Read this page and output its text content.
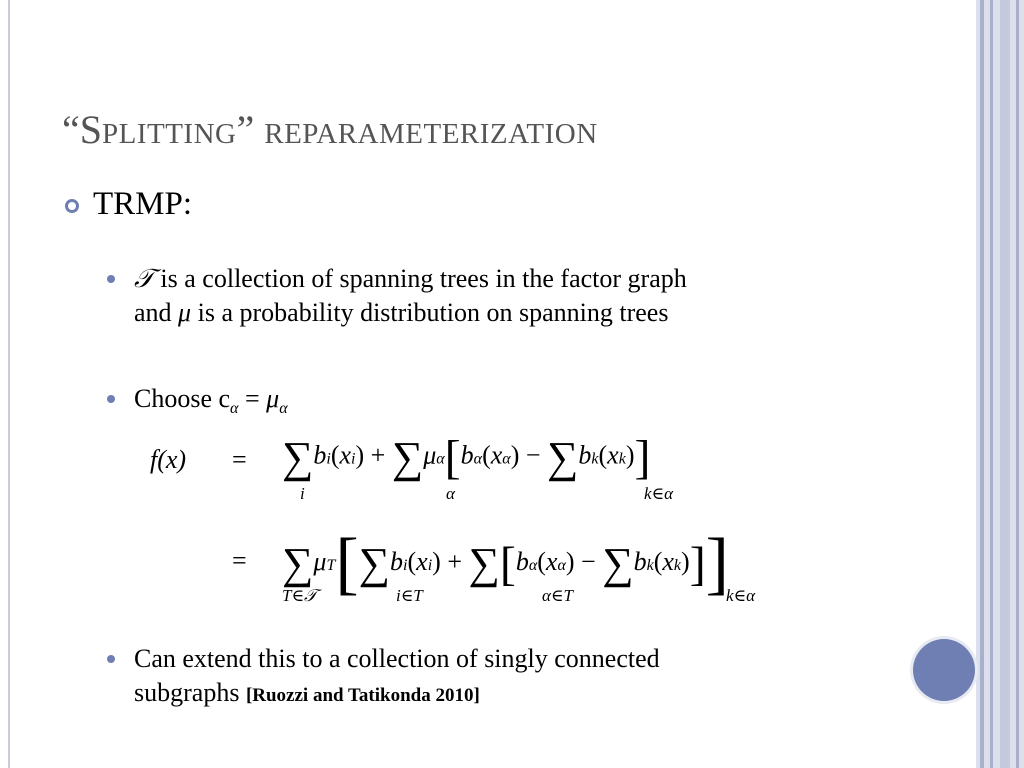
“SPLITTING” REPARAMETERIZATION
TRMP:
𝒯 is a collection of spanning trees in the factor graph
and μ is a probability distribution on spanning trees
Choose $c_\alpha = \mu_\alpha$
f(x) = ∑bi(xi) + ∑μα[bα(xα) − ∑bk(xk)]
i	α	k∈α
= ∑μT[∑bi(xi) + ∑[bα(xα) − ∑bk(xk)]]
T∈𝒯	i∈T	α∈T	k∈α
Can extend this to a collection of singly connected
subgraphs [Ruozzi and Tatikonda 2010]
